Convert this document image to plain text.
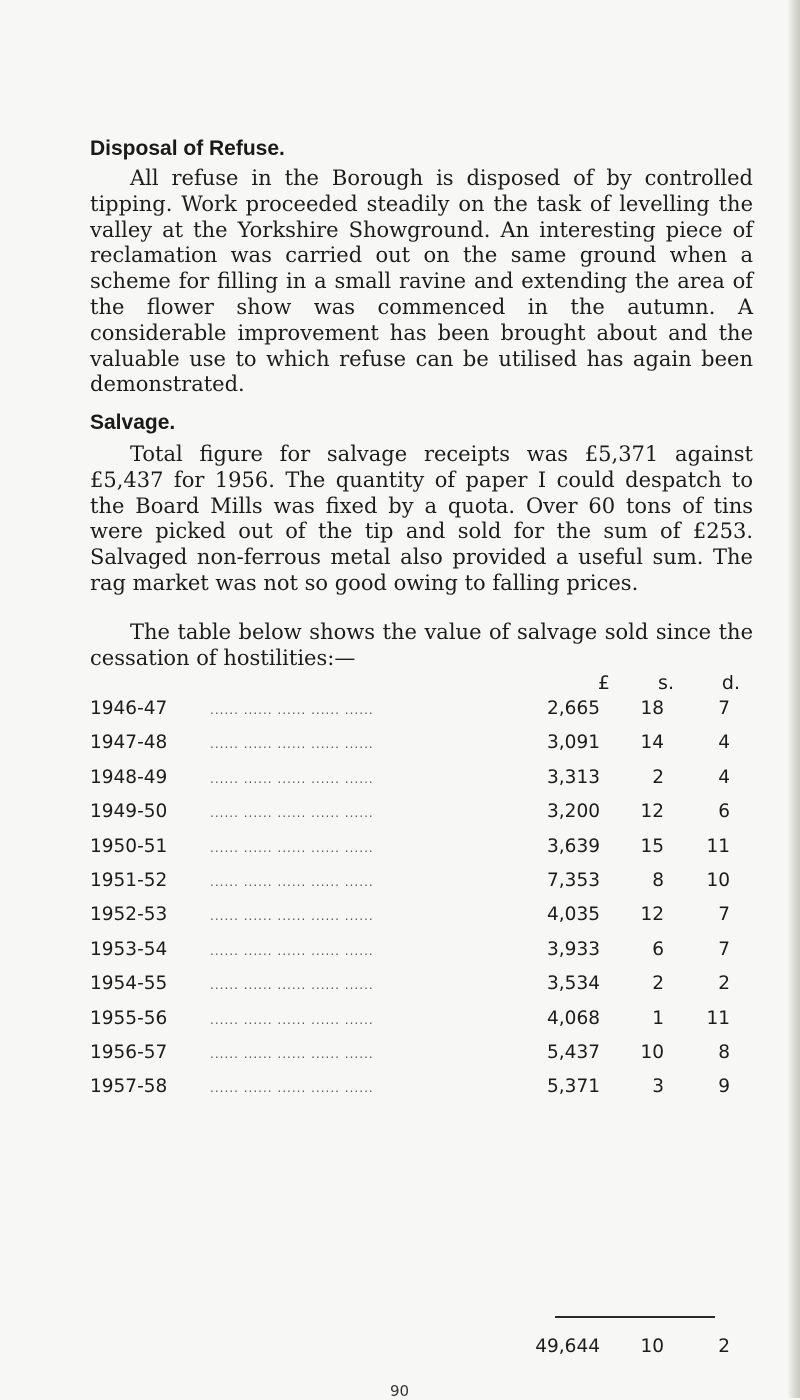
Disposal of Refuse.

All refuse in the Borough is disposed of by controlled tipping. Work proceeded steadily on the task of levelling the valley at the Yorkshire Showground. An interesting piece of reclamation was carried out on the same ground when a scheme for filling in a small ravine and extending the area of the flower show was commenced in the autumn. A considerable improvement has been brought about and the valuable use to which refuse can be utilised has again been demonstrated.

Salvage.

Total figure for salvage receipts was £5,371 against £5,437 for 1956. The quantity of paper I could despatch to the Board Mills was fixed by a quota. Over 60 tons of tins were picked out of the tip and sold for the sum of £253. Salvaged non-ferrous metal also provided a useful sum. The rag market was not so good owing to falling prices.

The table below shows the value of salvage sold since the cessation of hostilities:—

£	s.	d.
1946-47	...... ...... ...... ...... ......	2,665	18	7
1947-48	...... ...... ...... ...... ......	3,091	14	4
1948-49	...... ...... ...... ...... ......	3,313	2	4
1949-50	...... ...... ...... ...... ......	3,200	12	6
1950-51	...... ...... ...... ...... ......	3,639	15	11
1951-52	...... ...... ...... ...... ......	7,353	8	10
1952-53	...... ...... ...... ...... ......	4,035	12	7
1953-54	...... ...... ...... ...... ......	3,933	6	7
1954-55	...... ...... ...... ...... ......	3,534	2	2
1955-56	...... ...... ...... ...... ......	4,068	1	11
1956-57	...... ...... ...... ...... ......	5,437	10	8
1957-58	...... ...... ...... ...... ......	5,371	3	9
49,644	10	2
90
